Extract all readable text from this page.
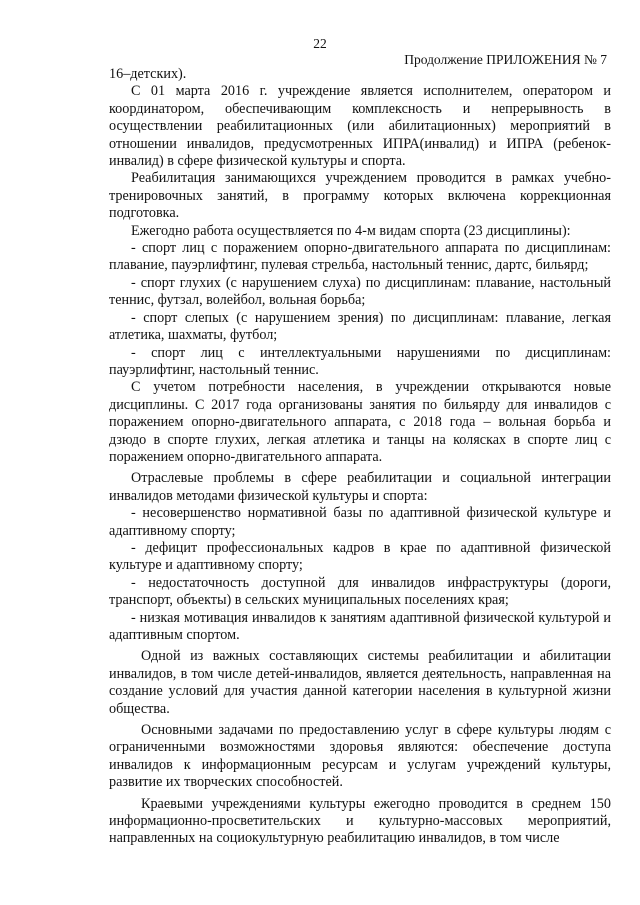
22
Продолжение ПРИЛОЖЕНИЯ № 7

16–детских).

С 01 марта 2016 г. учреждение является исполнителем, оператором и координатором, обеспечивающим комплексность и непрерывность в осуществлении реабилитационных (или абилитационных) мероприятий в отношении инвалидов, предусмотренных ИПРА(инвалид) и ИПРА (ребенок-инвалид) в сфере физической культуры и спорта.

Реабилитация занимающихся учреждением проводится в рамках учебно-тренировочных занятий, в программу которых включена коррекционная подготовка.

Ежегодно работа осуществляется по 4-м видам спорта (23 дисциплины):

- спорт лиц с поражением опорно-двигательного аппарата по дисциплинам: плавание, пауэрлифтинг, пулевая стрельба, настольный теннис, дартс, бильярд;

- спорт глухих (с нарушением слуха) по дисциплинам: плавание, настольный теннис, футзал, волейбол, вольная борьба;

- спорт слепых (с нарушением зрения) по дисциплинам: плавание, легкая атлетика, шахматы, футбол;

- спорт лиц с интеллектуальными нарушениями по дисциплинам: пауэрлифтинг, настольный теннис.

С учетом потребности населения, в учреждении открываются новые дисциплины. С 2017 года организованы занятия по бильярду для инвалидов с поражением опорно-двигательного аппарата, с 2018 года – вольная борьба и дзюдо в спорте глухих, легкая атлетика и танцы на колясках в спорте лиц с поражением опорно-двигательного аппарата.

Отраслевые проблемы в сфере реабилитации и социальной интеграции инвалидов методами физической культуры и спорта:

- несовершенство нормативной базы по адаптивной физической культуре и адаптивному спорту;

- дефицит профессиональных кадров в крае по адаптивной физической культуре и адаптивному спорту;

- недостаточность доступной для инвалидов инфраструктуры (дороги, транспорт, объекты) в сельских муниципальных поселениях края;

- низкая мотивация инвалидов к занятиям адаптивной физической культурой и адаптивным спортом.

Одной из важных составляющих системы реабилитации и абилитации инвалидов, в том числе детей-инвалидов, является деятельность, направленная на создание условий для участия данной категории населения в культурной жизни общества.

Основными задачами по предоставлению услуг в сфере культуры людям с ограниченными возможностями здоровья являются: обеспечение доступа инвалидов к информационным ресурсам и услугам учреждений культуры, развитие их творческих способностей.

Краевыми учреждениями культуры ежегодно проводится в среднем 150 информационно-просветительских и культурно-массовых мероприятий, направленных на социокультурную реабилитацию инвалидов, в том числе
